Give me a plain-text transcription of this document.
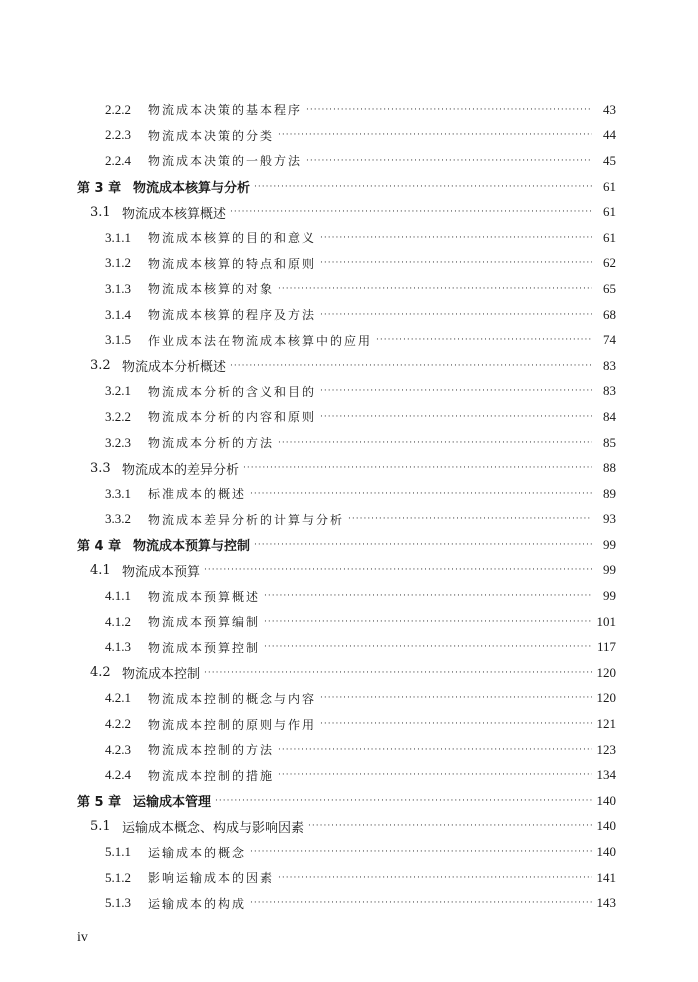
2.2.2	物流成本决策的基本程序 ·····	43
2.2.3	物流成本决策的分类 ·····	44
2.2.4	物流成本决策的一般方法 ·····	45
第 3 章 物流成本核算与分析 ·····	61
3.1 物流成本核算概述 ·····	61
3.1.1	物流成本核算的目的和意义 ·····	61
3.1.2	物流成本核算的特点和原则 ·····	62
3.1.3	物流成本核算的对象 ·····	65
3.1.4	物流成本核算的程序及方法 ·····	68
3.1.5	作业成本法在物流成本核算中的应用 ·····	74
3.2 物流成本分析概述 ·····	83
3.2.1	物流成本分析的含义和目的 ·····	83
3.2.2	物流成本分析的内容和原则 ·····	84
3.2.3	物流成本分析的方法 ·····	85
3.3 物流成本的差异分析 ·····	88
3.3.1	标准成本的概述 ·····	89
3.3.2	物流成本差异分析的计算与分析 ·····	93
第 4 章 物流成本预算与控制 ·····	99
4.1 物流成本预算 ·····	99
4.1.1	物流成本预算概述 ·····	99
4.1.2	物流成本预算编制 ·····	101
4.1.3	物流成本预算控制 ·····	117
4.2 物流成本控制 ·····	120
4.2.1	物流成本控制的概念与内容 ·····	120
4.2.2	物流成本控制的原则与作用 ·····	121
4.2.3	物流成本控制的方法 ·····	123
4.2.4	物流成本控制的措施 ·····	134
第 5 章 运输成本管理 ·····	140
5.1 运输成本概念、构成与影响因素 ·····	140
5.1.1	运输成本的概念 ·····	140
5.1.2	影响运输成本的因素 ·····	141
5.1.3	运输成本的构成 ·····	143
iv
